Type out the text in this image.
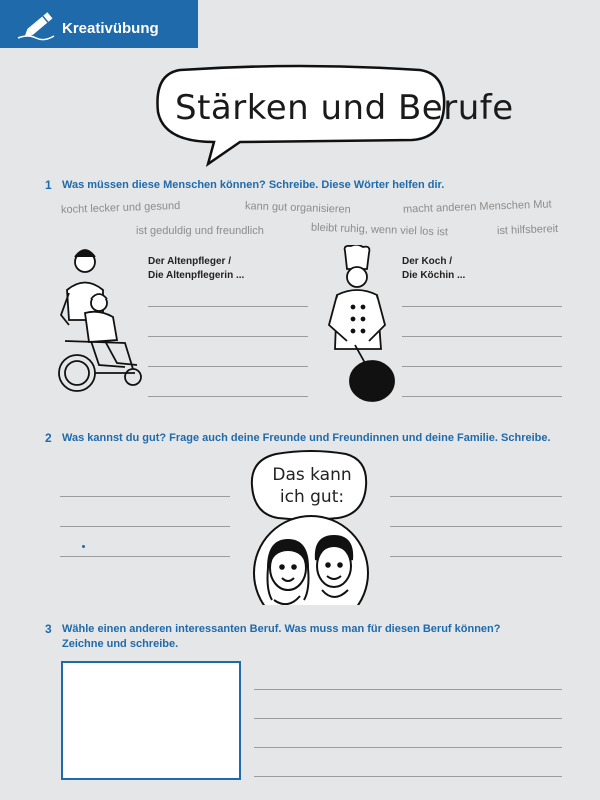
Kreativübung
Stärken und Berufe
1 Was müssen diese Menschen können? Schreibe. Diese Wörter helfen dir.
kocht lecker und gesund	kann gut organisieren	macht anderen Menschen Mut
ist geduldig und freundlich	bleibt ruhig, wenn viel los ist	ist hilfsbereit
Der Altenpfleger /
Die Altenpflegerin ...
Der Koch /
Die Köchin ...
2 Was kannst du gut? Frage auch deine Freunde und Freundinnen und deine Familie. Schreibe.
Das kann
ich gut:
3 Wähle einen anderen interessanten Beruf. Was muss man für diesen Beruf können?
Zeichne und schreibe.
